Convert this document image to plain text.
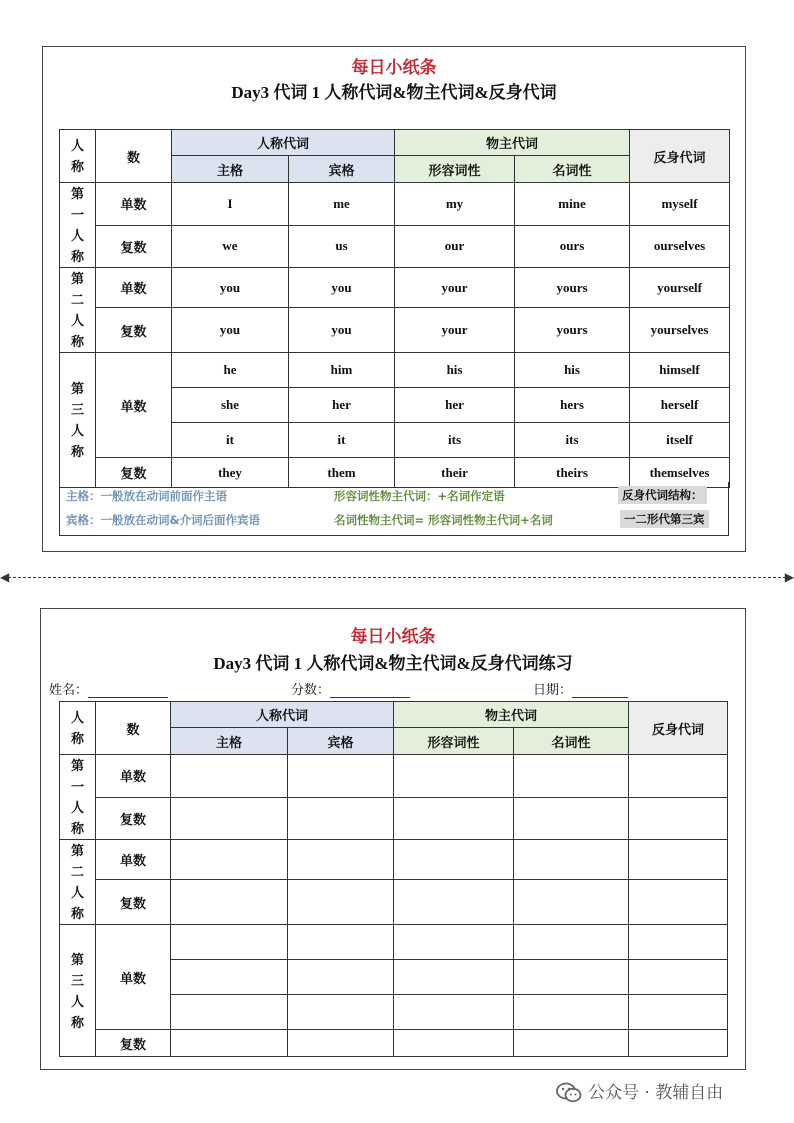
每日小纸条
Day3 代词 1 人称代词&物主代词&反身代词
人
称	数	人称代词		物主代词		反身代词
		主格	宾格	形容词性	名词性	
第
一
人
称	单数	I	me	my	mine	myself
	复数	we	us	our	ours	ourselves
第
二
人
称	单数	you	you	your	yours	yourself
	复数	you	you	your	yours	yourselves
第
三
人
称	单数	he	him	his	his	himself
		she	her	her	hers	herself
		it	it	its	its	itself
	复数	they	them	their	theirs	themselves
主格：一般放在动词前面作主语
宾格：一般放在动词&介词后面作宾语
形容词性物主代词：+名词作定语
名词性物主代词= 形容词性物主代词+名词
反身代词结构：
一二形代第三宾
◀	▶
每日小纸条
Day3 代词 1 人称代词&物主代词&反身代词练习
姓名：	分数：	日期：
人
称	数	人称代词		物主代词		反身代词
		主格	宾格	形容词性	名词性	
第
一
人
称	单数					
	复数					
第
二
人
称	单数					
	复数					
第
三
人
称	单数					

	复数					
公众号 · 教辅自由
